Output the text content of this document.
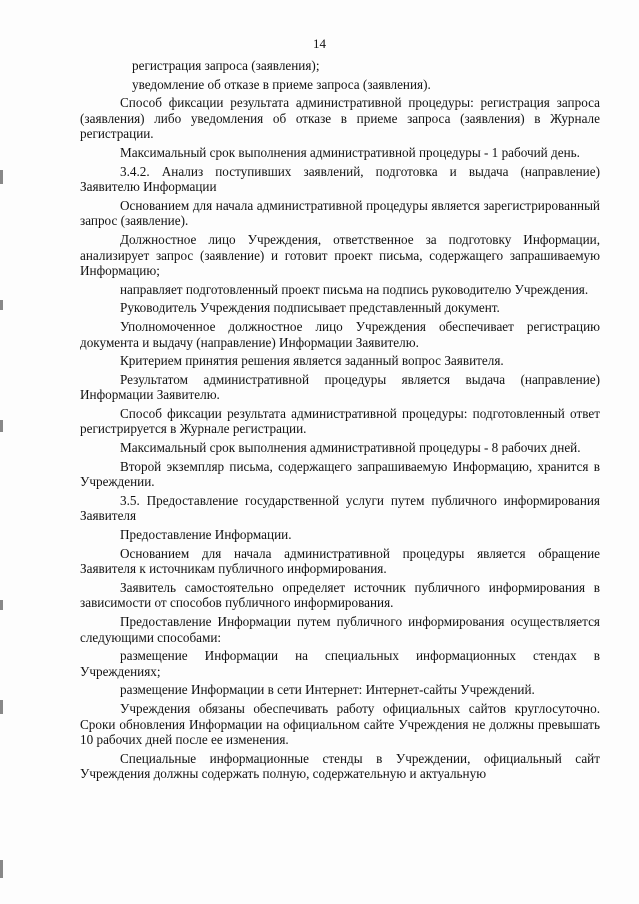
14

регистрация запроса (заявления);

уведомление об отказе в приеме запроса (заявления).

Способ фиксации результата административной процедуры: регистрация запроса (заявления) либо уведомления об отказе в приеме запроса (заявления) в Журнале регистрации.

Максимальный срок выполнения административной процедуры - 1 рабочий день.

3.4.2. Анализ поступивших заявлений, подготовка и выдача (направление) Заявителю Информации

Основанием для начала административной процедуры является зарегистрированный запрос (заявление).

Должностное лицо Учреждения, ответственное за подготовку Информации, анализирует запрос (заявление) и готовит проект письма, содержащего запрашиваемую Информацию;

направляет подготовленный проект письма на подпись руководителю Учреждения.

Руководитель Учреждения подписывает представленный документ.

Уполномоченное должностное лицо Учреждения обеспечивает регистрацию документа и выдачу (направление) Информации Заявителю.

Критерием принятия решения является заданный вопрос Заявителя.

Результатом административной процедуры является выдача (направление) Информации Заявителю.

Способ фиксации результата административной процедуры: подготовленный ответ регистрируется в Журнале регистрации.

Максимальный срок выполнения административной процедуры - 8 рабочих дней.

Второй экземпляр письма, содержащего запрашиваемую Информацию, хранится в Учреждении.

3.5. Предоставление государственной услуги путем публичного информирования Заявителя

Предоставление Информации.

Основанием для начала административной процедуры является обращение Заявителя к источникам публичного информирования.

Заявитель самостоятельно определяет источник публичного информирования в зависимости от способов публичного информирования.

Предоставление Информации путем публичного информирования осуществляется следующими способами:

размещение Информации на специальных информационных стендах в Учреждениях;

размещение Информации в сети Интернет: Интернет-сайты Учреждений.

Учреждения обязаны обеспечивать работу официальных сайтов круглосуточно. Сроки обновления Информации на официальном сайте Учреждения не должны превышать 10 рабочих дней после ее изменения.

Специальные информационные стенды в Учреждении, официальный сайт Учреждения должны содержать полную, содержательную и актуальную
